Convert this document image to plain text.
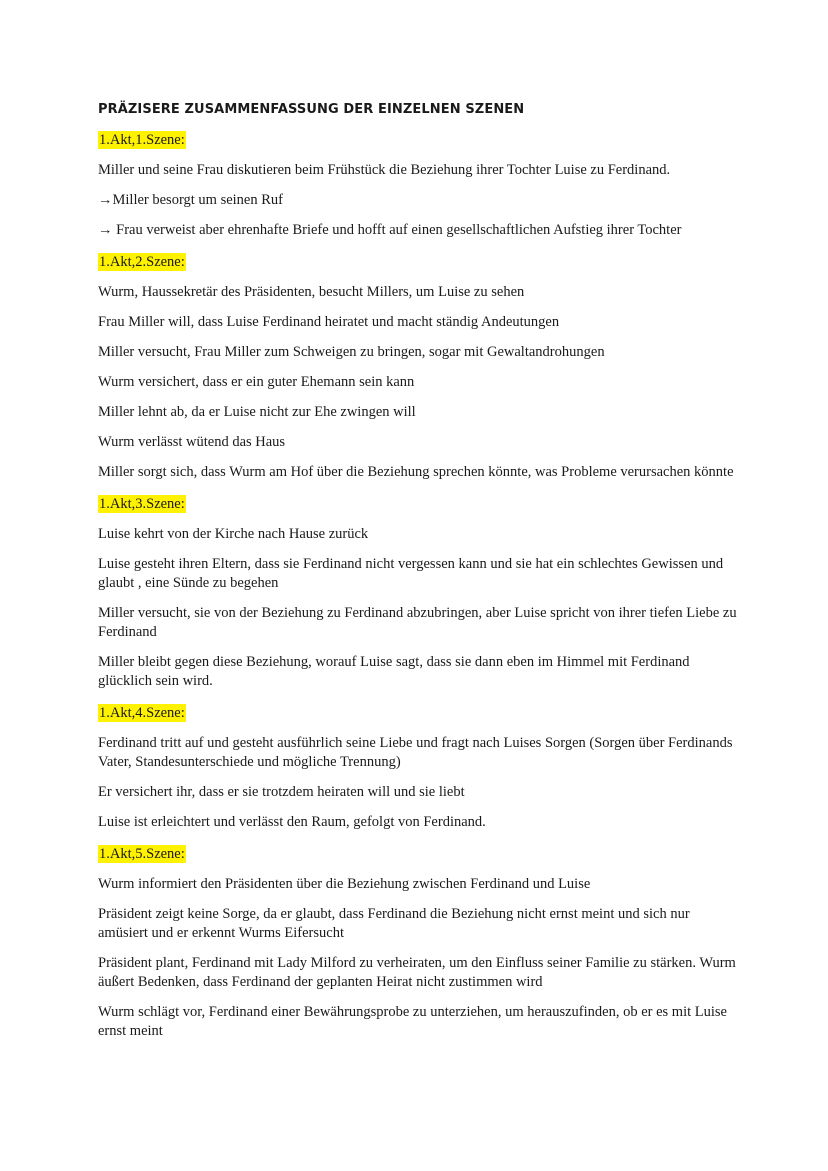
PRÄZISERE ZUSAMMENFASSUNG DER EINZELNEN SZENEN
1.Akt,1.Szene:

Miller und seine Frau diskutieren beim Frühstück die Beziehung ihrer Tochter Luise zu Ferdinand.

→Miller besorgt um seinen Ruf

→ Frau verweist aber ehrenhafte Briefe und hofft auf einen gesellschaftlichen Aufstieg ihrer Tochter

1.Akt,2.Szene:

Wurm, Haussekretär des Präsidenten, besucht Millers, um Luise zu sehen

Frau Miller will, dass Luise Ferdinand heiratet und macht ständig Andeutungen

Miller versucht, Frau Miller zum Schweigen zu bringen, sogar mit Gewaltandrohungen

Wurm versichert, dass er ein guter Ehemann sein kann

Miller lehnt ab, da er Luise nicht zur Ehe zwingen will

Wurm verlässt wütend das Haus

Miller sorgt sich, dass Wurm am Hof über die Beziehung sprechen könnte, was Probleme verursachen könnte

1.Akt,3.Szene:

Luise kehrt von der Kirche nach Hause zurück

Luise gesteht ihren Eltern, dass sie Ferdinand nicht vergessen kann und sie hat ein schlechtes Gewissen und glaubt , eine Sünde zu begehen

Miller versucht, sie von der Beziehung zu Ferdinand abzubringen, aber Luise spricht von ihrer tiefen Liebe zu Ferdinand

Miller bleibt gegen diese Beziehung, worauf Luise sagt, dass sie dann eben im Himmel mit Ferdinand glücklich sein wird.

1.Akt,4.Szene:

Ferdinand tritt auf und gesteht ausführlich seine Liebe und fragt nach Luises Sorgen (Sorgen über Ferdinands Vater, Standesunterschiede und mögliche Trennung)

Er versichert ihr, dass er sie trotzdem heiraten will und sie liebt

Luise ist erleichtert und verlässt den Raum, gefolgt von Ferdinand.

1.Akt,5.Szene:

Wurm informiert den Präsidenten über die Beziehung zwischen Ferdinand und Luise

Präsident zeigt keine Sorge, da er glaubt, dass Ferdinand die Beziehung nicht ernst meint und sich nur amüsiert und er erkennt Wurms Eifersucht

Präsident plant, Ferdinand mit Lady Milford zu verheiraten, um den Einfluss seiner Familie zu stärken. Wurm äußert Bedenken, dass Ferdinand der geplanten Heirat nicht zustimmen wird

Wurm schlägt vor, Ferdinand einer Bewährungsprobe zu unterziehen, um herauszufinden, ob er es mit Luise ernst meint
